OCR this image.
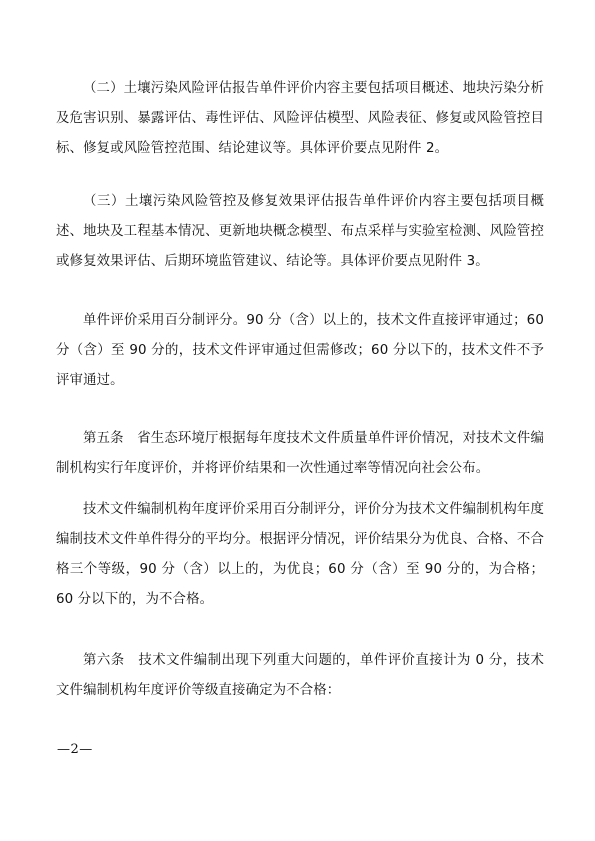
（二）土壤污染风险评估报告单件评价内容主要包括项目概述、地块污染分析及危害识别、暴露评估、毒性评估、风险评估模型、风险表征、修复或风险管控目标、修复或风险管控范围、结论建议等。具体评价要点见附件 2。

（三）土壤污染风险管控及修复效果评估报告单件评价内容主要包括项目概述、地块及工程基本情况、更新地块概念模型、布点采样与实验室检测、风险管控或修复效果评估、后期环境监管建议、结论等。具体评价要点见附件 3。

单件评价采用百分制评分。90 分（含）以上的，技术文件直接评审通过；60 分（含）至 90 分的，技术文件评审通过但需修改；60 分以下的，技术文件不予评审通过。

第五条　省生态环境厅根据每年度技术文件质量单件评价情况，对技术文件编制机构实行年度评价，并将评价结果和一次性通过率等情况向社会公布。

技术文件编制机构年度评价采用百分制评分，评价分为技术文件编制机构年度编制技术文件单件得分的平均分。根据评分情况，评价结果分为优良、合格、不合格三个等级，90 分（含）以上的，为优良；60 分（含）至 90 分的，为合格；60 分以下的，为不合格。

第六条　技术文件编制出现下列重大问题的，单件评价直接计为 0 分，技术文件编制机构年度评价等级直接确定为不合格：

—2—
